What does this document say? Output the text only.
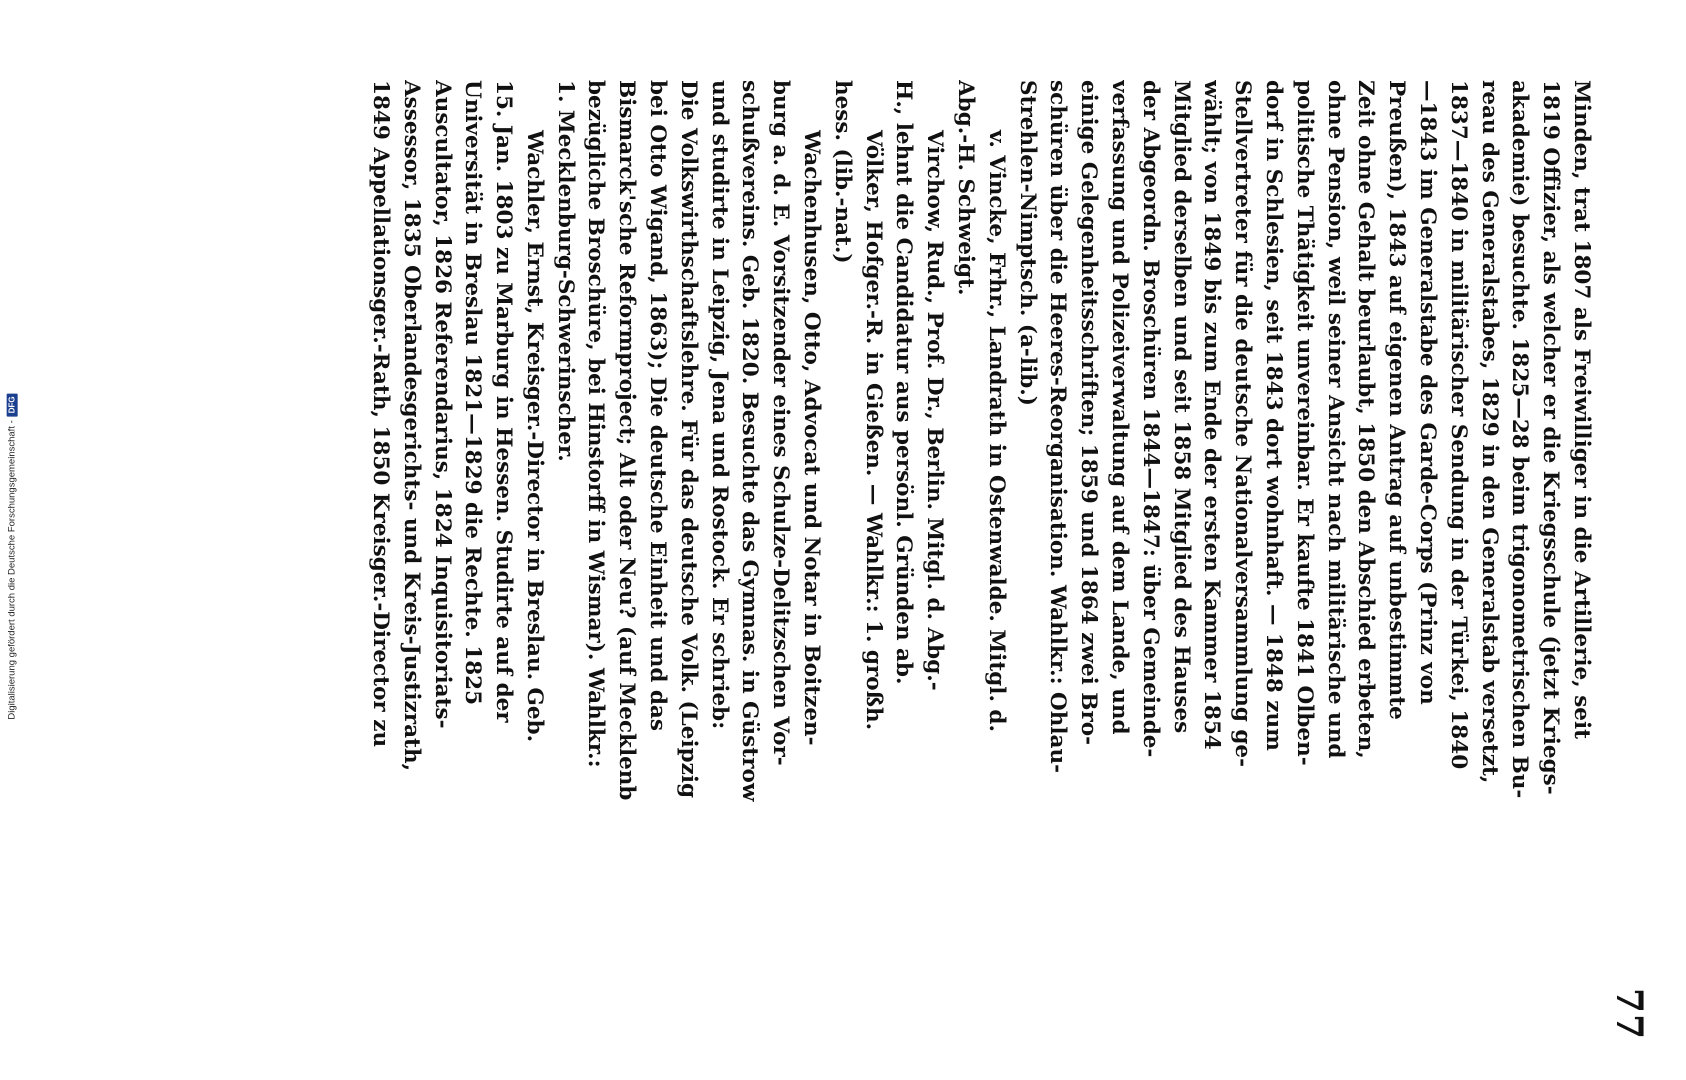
77
Minden, trat 1807 als Freiwilliger in die Artillerie, seit
1819 Offizier, als welcher er die Kriegsschule (jetzt Kriegs-
akademie) besuchte. 1825—28 beim trigonometrischen Bu-
reau des Generalstabes, 1829 in den Generalstab versetzt,
1837—1840 in militärischer Sendung in der Türkei, 1840
—1843 im Generalstabe des Garde-Corps (Prinz von
Preußen), 1843 auf eigenen Antrag auf unbestimmte
Zeit ohne Gehalt beurlaubt, 1850 den Abschied erbeten,
ohne Pension, weil seiner Ansicht nach militärische und
politische Thätigkeit unvereinbar. Er kaufte 1841 Olben-
dorf in Schlesien, seit 1843 dort wohnhaft. — 1848 zum
Stellvertreter für die deutsche Nationalversammlung ge-
wählt; von 1849 bis zum Ende der ersten Kammer 1854
Mitglied derselben und seit 1858 Mitglied des Hauses
der Abgeordn. Broschüren 1844—1847: über Gemeinde-
verfassung und Polizeiverwaltung auf dem Lande, und
einige Gelegenheitsschriften; 1859 und 1864 zwei Bro-
schüren über die Heeres-Reorganisation. Wahlkr.: Ohlau-
Strehlen-Nimptsch. (a-lib.)
v. Vincke, Frhr., Landrath in Ostenwalde. Mitgl. d.
Abg.-H. Schweigt.
Virchow, Rud., Prof. Dr., Berlin. Mitgl. d. Abg.-
H., lehnt die Candidatur aus persönl. Gründen ab.
Völker, Hofger.-R. in Gießen. — Wahlkr.: 1. großh.
hess. (lib.-nat.)
Wachenhusen, Otto, Advocat und Notar in Boitzen-
burg a. d. E. Vorsitzender eines Schulze-Delitzschen Vor-
schußvereins. Geb. 1820. Besuchte das Gymnas. in Güstrow
und studirte in Leipzig, Jena und Rostock. Er schrieb:
Die Volkswirthschaftslehre. Für das deutsche Volk. (Leipzig
bei Otto Wigand, 1863); Die deutsche Einheit und das
Bismarck'sche Reformproject; Alt oder Neu? (auf Mecklenb
bezügliche Broschüre, bei Hinstorff in Wismar). Wahlkr.:
1. Mecklenburg-Schwerinscher.
Wachler, Ernst, Kreisger.-Director in Breslau. Geb.
15. Jan. 1803 zu Marburg in Hessen. Studirte auf der
Universität in Breslau 1821—1829 die Rechte. 1825
Auscultator, 1826 Referendarius, 1824 Inquisitoriats-
Assessor, 1835 Oberlandesgerichts- und Kreis-Justizrath,
1849 Appellationsger.-Rath, 1850 Kreisger.-Director zu
Digitalisierung gefördert durch die Deutsche Forschungsgemeinschaft -
DFG
